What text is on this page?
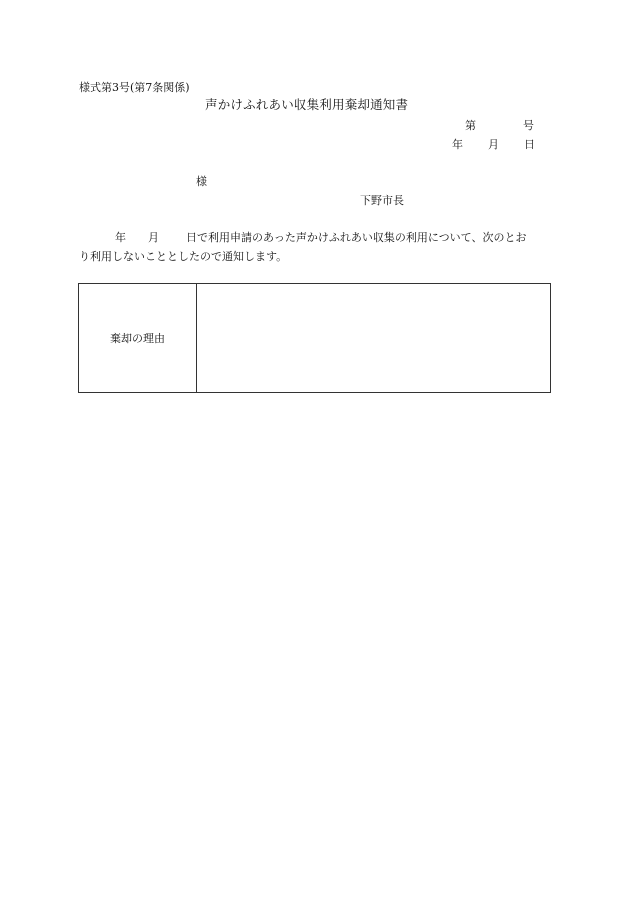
様式第3号(第7条関係)
声かけふれあい収集利用棄却通知書
第	号
年 月 日
様
下野市長
年 月 日で利用申請のあった声かけふれあい収集の利用について、次のとお
り利用しないこととしたので通知します。
棄却の理由
